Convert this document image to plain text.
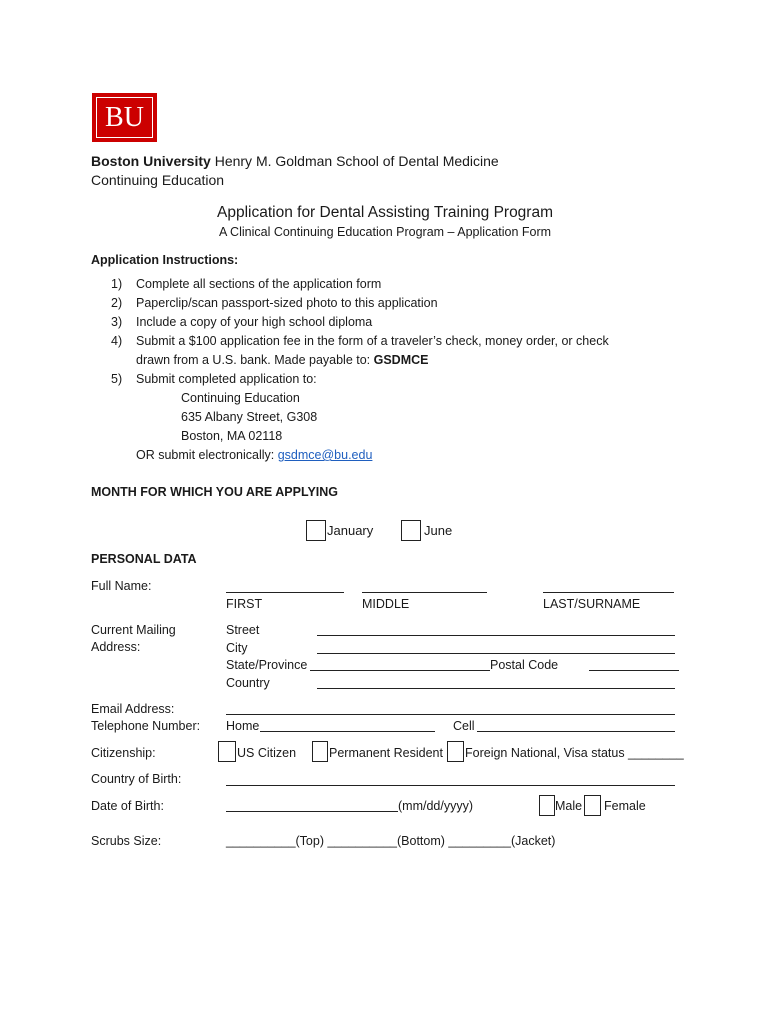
BU
Boston University Henry M. Goldman School of Dental Medicine
Continuing Education
Application for Dental Assisting Training Program
A Clinical Continuing Education Program – Application Form
Application Instructions:
1) Complete all sections of the application form
2) Paperclip/scan passport-sized photo to this application
3) Include a copy of your high school diploma
4) Submit a $100 application fee in the form of a traveler’s check, money order, or check
drawn from a U.S. bank. Made payable to: GSDMCE
5) Submit completed application to:
Continuing Education
635 Albany Street, G308
Boston, MA 02118
OR submit electronically: gsdmce@bu.edu
MONTH FOR WHICH YOU ARE APPLYING
January	June
PERSONAL DATA
Full Name:
FIRST	MIDDLE	LAST/SURNAME
Current Mailing
Address:
Street
City
State/Province	Postal Code
Country
Email Address:
Telephone Number: Home	Cell
Citizenship:	US Citizen	Permanent Resident Foreign National, Visa status ________
Country of Birth:
Date of Birth:	(mm/dd/yyyy)	Male Female
Scrubs Size:	__________(Top) __________(Bottom) _________(Jacket)
